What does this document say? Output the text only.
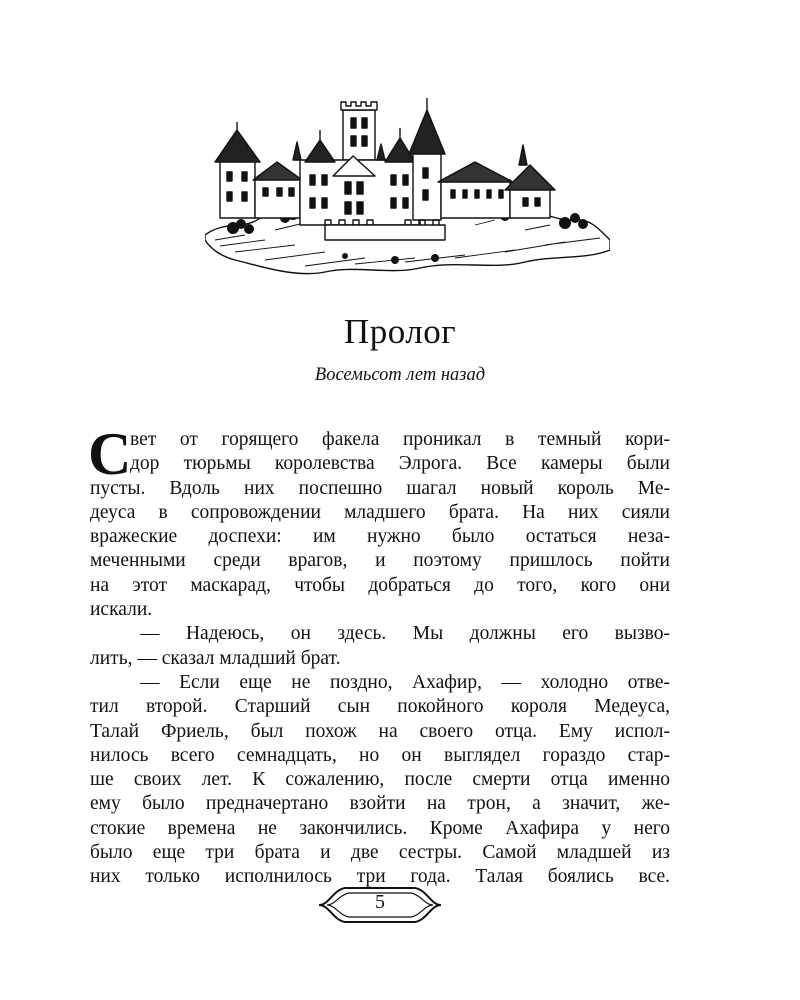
Пролог
Восемьсот лет назад
С
вет от горящего факела проникал в темный кори-
дор тюрьмы королевства Элрога. Все камеры были
пусты. Вдоль них поспешно шагал новый король Ме-
деуса в сопровождении младшего брата. На них сияли
вражеские доспехи: им нужно было остаться неза-
меченными среди врагов, и поэтому пришлось пойти
на этот маскарад, чтобы добраться до того, кого они
искали.
— Надеюсь, он здесь. Мы должны его вызво-
лить, — сказал младший брат.
— Если еще не поздно, Ахафир, — холодно отве-
тил второй. Старший сын покойного короля Медеуса,
Талай Фриель, был похож на своего отца. Ему испол-
нилось всего семнадцать, но он выглядел гораздо стар-
ше своих лет. К сожалению, после смерти отца именно
ему было предначертано взойти на трон, а значит, же-
стокие времена не закончились. Кроме Ахафира у него
было еще три брата и две сестры. Самой младшей из
них только исполнилось три года. Талая боялись все.
5
